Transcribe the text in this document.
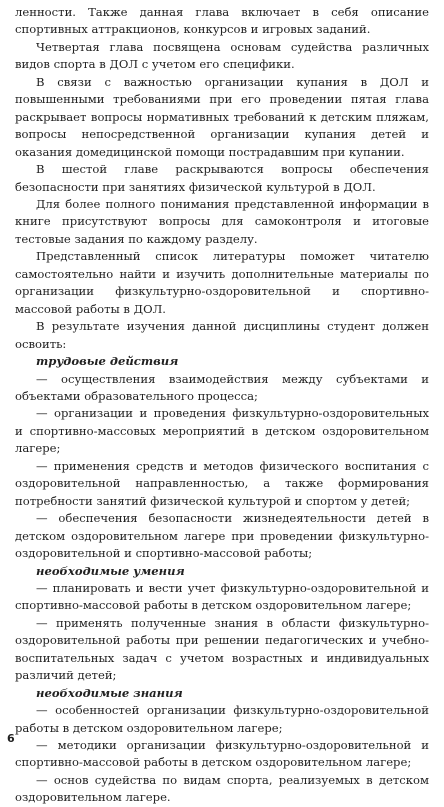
ленности. Также данная глава включает в себя описание спортивных аттракционов, конкурсов и игровых заданий.

Четвертая глава посвящена основам судейства различных видов спорта в ДОЛ с учетом его специфики.

В связи с важностью организации купания в ДОЛ и повышенными требованиями при его проведении пятая глава раскрывает вопросы нормативных требований к детским пляжам, вопросы непосредственной организации купания детей и оказания домедицинской помощи пострадавшим при купании.

В шестой главе раскрываются вопросы обеспечения безопасности при занятиях физической культурой в ДОЛ.

Для более полного понимания представленной информации в книге присутствуют вопросы для самоконтроля и итоговые тестовые задания по каждому разделу.

Представленный список литературы поможет читателю самостоятельно найти и изучить дополнительные материалы по организации физкультурно-оздоровительной и спортивно-массовой работы в ДОЛ.

В результате изучения данной дисциплины студент должен освоить:

трудовые действия

— осуществления взаимодействия между субъектами и объектами образовательного процесса;

— организации и проведения физкультурно-оздоровительных и спортивно-массовых мероприятий в детском оздоровительном лагере;

— применения средств и методов физического воспитания с оздоровительной направленностью, а также формирования потребности занятий физической культурой и спортом у детей;

— обеспечения безопасности жизнедеятельности детей в детском оздоровительном лагере при проведении физкультурно-оздоровительной и спортивно-массовой работы;

необходимые умения

— планировать и вести учет физкультурно-оздоровительной и спортивно-массовой работы в детском оздоровительном лагере;

— применять полученные знания в области физкультурно-оздоровительной работы при решении педагогических и учебно-воспитательных задач с учетом возрастных и индивидуальных различий детей;

необходимые знания

— особенностей организации физкультурно-оздоровительной работы в детском оздоровительном лагере;

— методики организации физкультурно-оздоровительной и спортивно-массовой работы в детском оздоровительном лагере;

— основ судейства по видам спорта, реализуемых в детском оздоровительном лагере.

6
